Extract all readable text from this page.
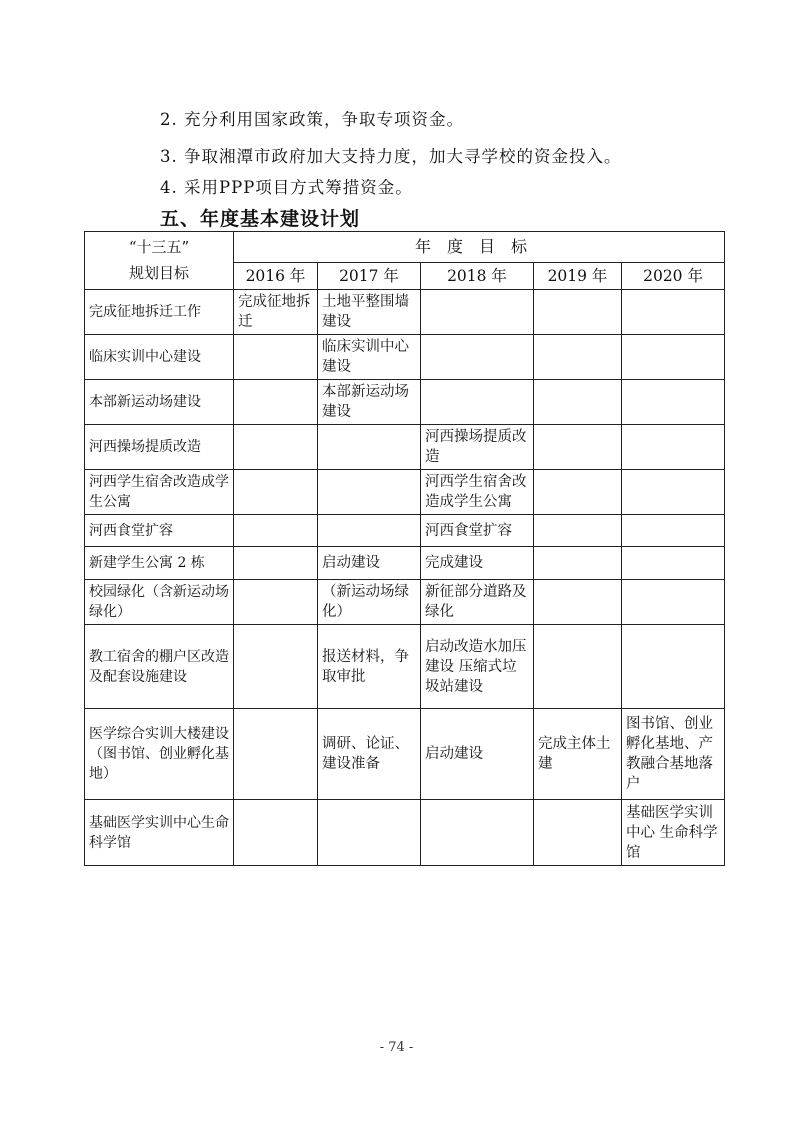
2. 充分利用国家政策，争取专项资金。

3. 争取湘潭市政府加大支持力度，加大寻学校的资金投入。

4. 采用PPP项目方式筹措资金。

五、年度基本建设计划
“十三五”
规划目标	年度目标				
	2016 年	2017 年	2018 年	2019 年	2020 年
完成征地拆迁工作	完成征地拆迁	土地平整围墙建设			
临床实训中心建设		临床实训中心建设			
本部新运动场建设		本部新运动场建设			
河西操场提质改造			河西操场提质改造		
河西学生宿舍改造成学生公寓			河西学生宿舍改造成学生公寓		
河西食堂扩容			河西食堂扩容		
新建学生公寓 2 栋		启动建设	完成建设		
校园绿化（含新运动场绿化）		（新运动场绿化）	新征部分道路及绿化		
教工宿舍的棚户区改造及配套设施建设		报送材料，争取审批	启动改造水加压建设 压缩式垃圾站建设		
医学综合实训大楼建设（图书馆、创业孵化基地）		调研、论证、建设准备	启动建设	完成主体土建	图书馆、创业孵化基地、产教融合基地落户
基础医学实训中心生命科学馆					基础医学实训中心 生命科学馆
- 74 -
